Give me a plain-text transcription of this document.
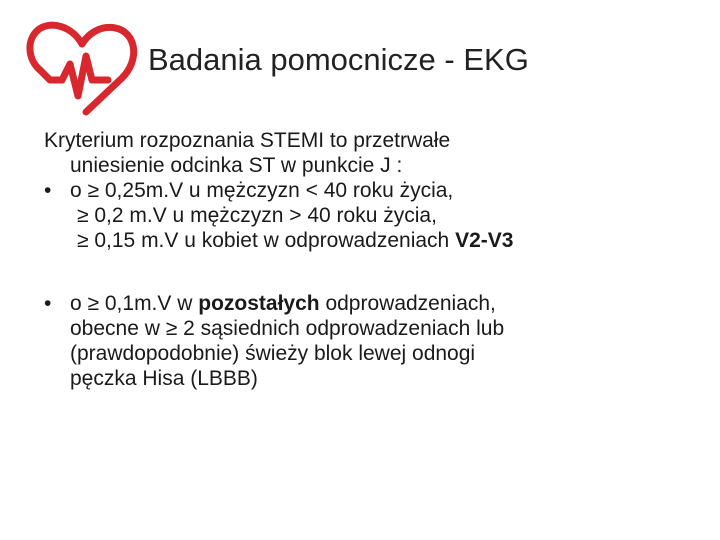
Badania pomocnicze - EKG

Kryterium rozpoznania STEMI to przetrwałe

uniesienie odcinka ST w punkcie J :

• o ≥ 0,25m.V u mężczyzn < 40 roku życia,

≥ 0,2 m.V u mężczyzn > 40 roku życia,

≥ 0,15 m.V u kobiet w odprowadzeniach V2-V3

• o ≥ 0,1m.V w pozostałych odprowadzeniach,

obecne w ≥ 2 sąsiednich odprowadzeniach lub

(prawdopodobnie) świeży blok lewej odnogi

pęczka Hisa (LBBB)
